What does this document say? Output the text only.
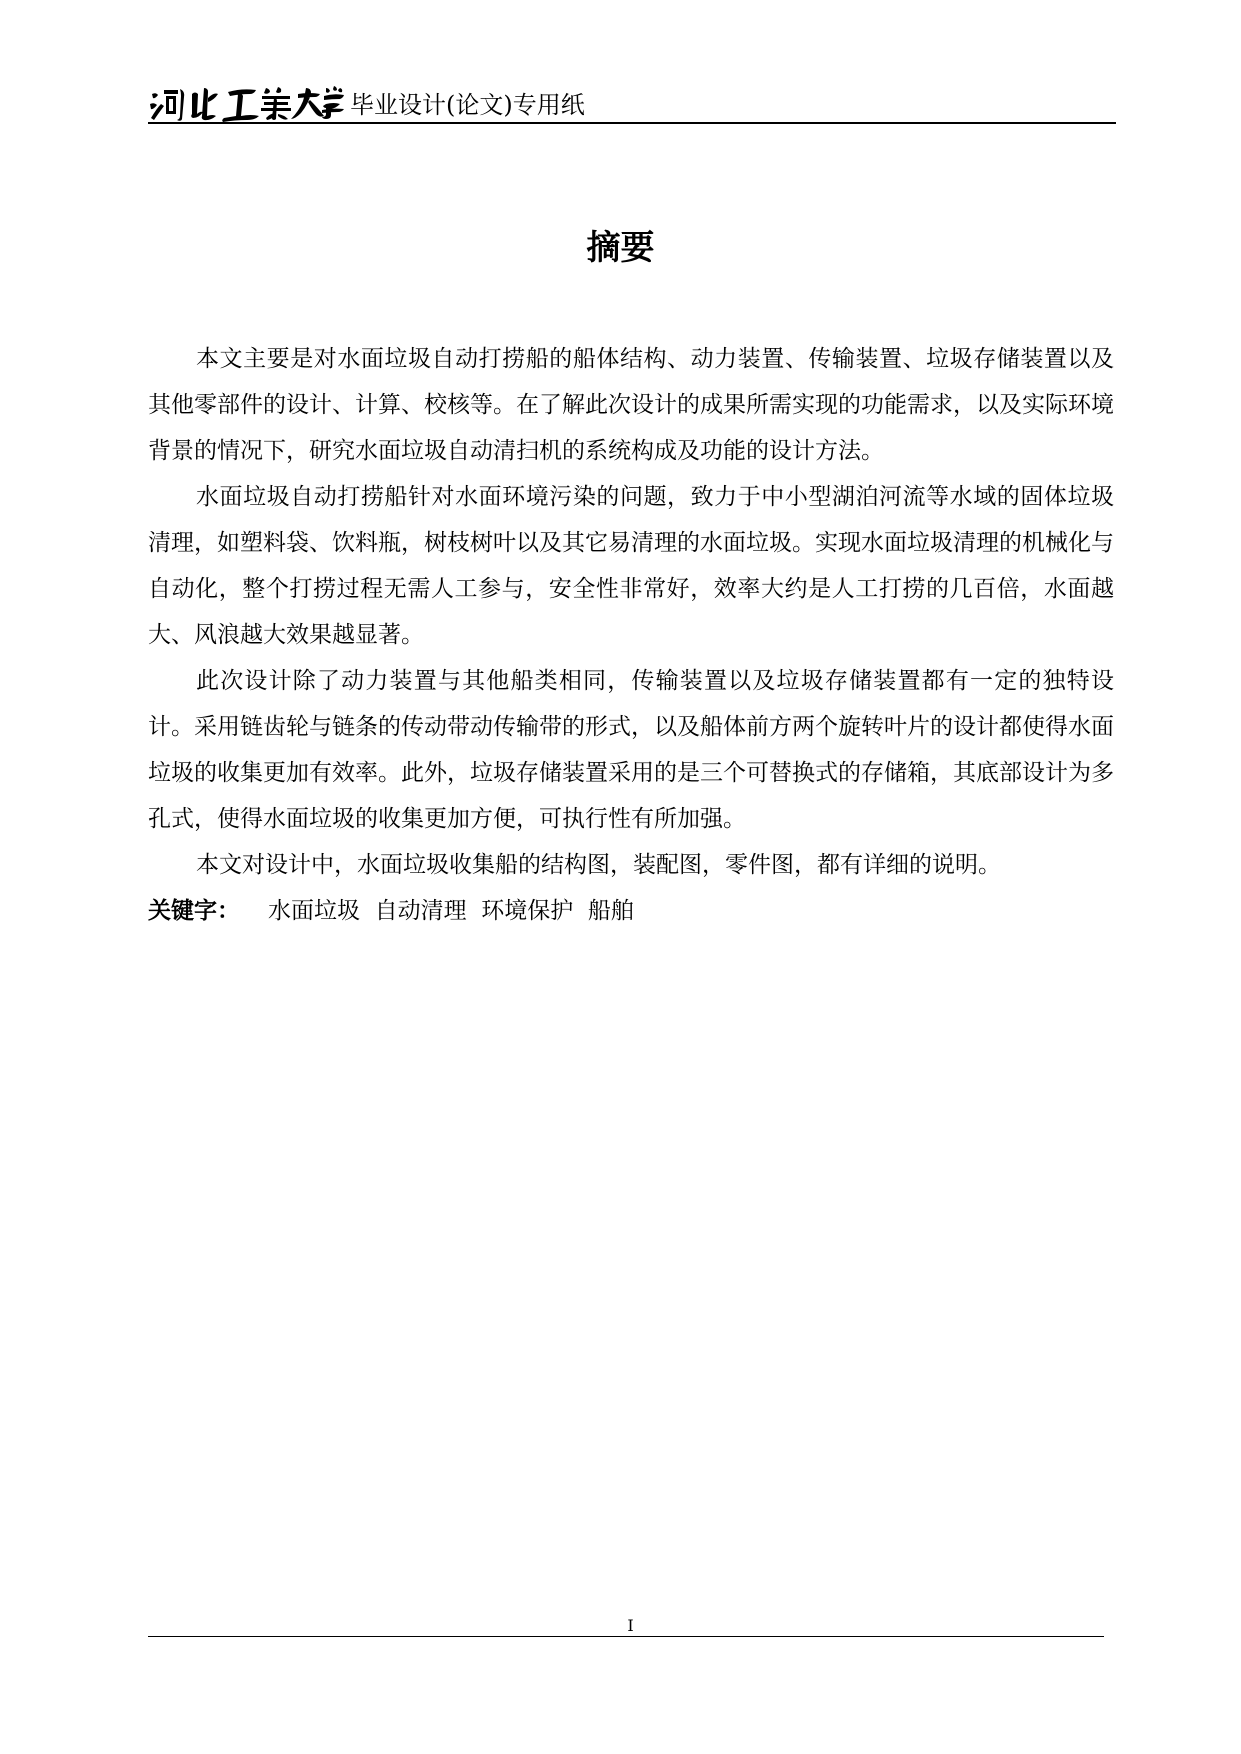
毕业设计(论文)专用纸
摘要

本文主要是对水面垃圾自动打捞船的船体结构、动力装置、传输装置、垃圾存储装置以及其他零部件的设计、计算、校核等。在了解此次设计的成果所需实现的功能需求，以及实际环境背景的情况下，研究水面垃圾自动清扫机的系统构成及功能的设计方法。

水面垃圾自动打捞船针对水面环境污染的问题，致力于中小型湖泊河流等水域的固体垃圾清理，如塑料袋、饮料瓶，树枝树叶以及其它易清理的水面垃圾。实现水面垃圾清理的机械化与自动化，整个打捞过程无需人工参与，安全性非常好，效率大约是人工打捞的几百倍，水面越大、风浪越大效果越显著。

此次设计除了动力装置与其他船类相同，传输装置以及垃圾存储装置都有一定的独特设计。采用链齿轮与链条的传动带动传输带的形式，以及船体前方两个旋转叶片的设计都使得水面垃圾的收集更加有效率。此外，垃圾存储装置采用的是三个可替换式的存储箱，其底部设计为多孔式，使得水面垃圾的收集更加方便，可执行性有所加强。

本文对设计中，水面垃圾收集船的结构图，装配图，零件图，都有详细的说明。

关键字： 水面垃圾  自动清理  环境保护  船舶
I
